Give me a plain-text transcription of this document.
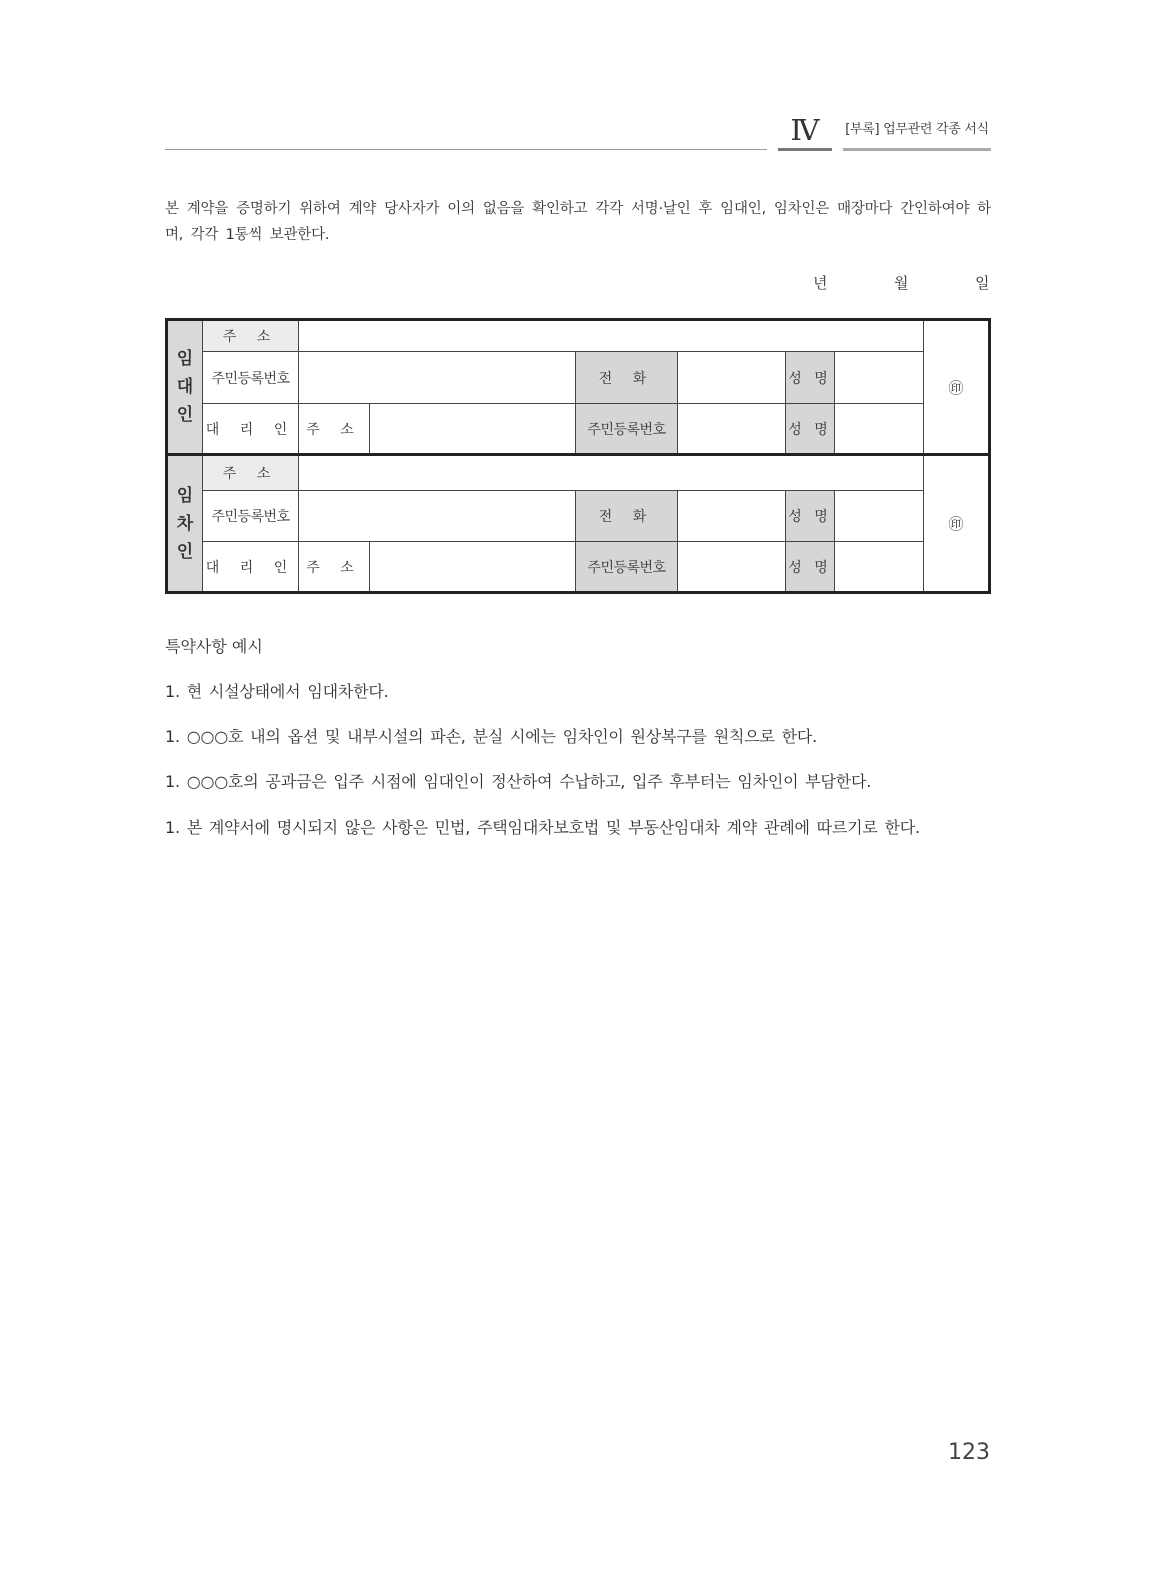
Ⅳ	[부록] 업무관련 각종 서식
본 계약을 증명하기 위하여 계약 당사자가 이의 없음을 확인하고 각각 서명·날인 후 임대인, 임차인은 매장마다 간인하여야 하며, 각각 1통씩 보관한다.
년	월	일
임
대
인	주 소							㊞
	주민등록번호			전 화		성 명		
	대 리 인	주 소		주민등록번호		성 명		

임
차
인	주 소							㊞
	주민등록번호			전 화		성 명		
	대 리 인	주 소		주민등록번호		성 명		
특약사항 예시
1. 현 시설상태에서 임대차한다.
1. ○○○호 내의 옵션 및 내부시설의 파손, 분실 시에는 임차인이 원상복구를 원칙으로 한다.
1. ○○○호의 공과금은 입주 시점에 임대인이 정산하여 수납하고, 입주 후부터는 임차인이 부담한다.
1. 본 계약서에 명시되지 않은 사항은 민법, 주택임대차보호법 및 부동산임대차 계약 관례에 따르기로 한다.
123
